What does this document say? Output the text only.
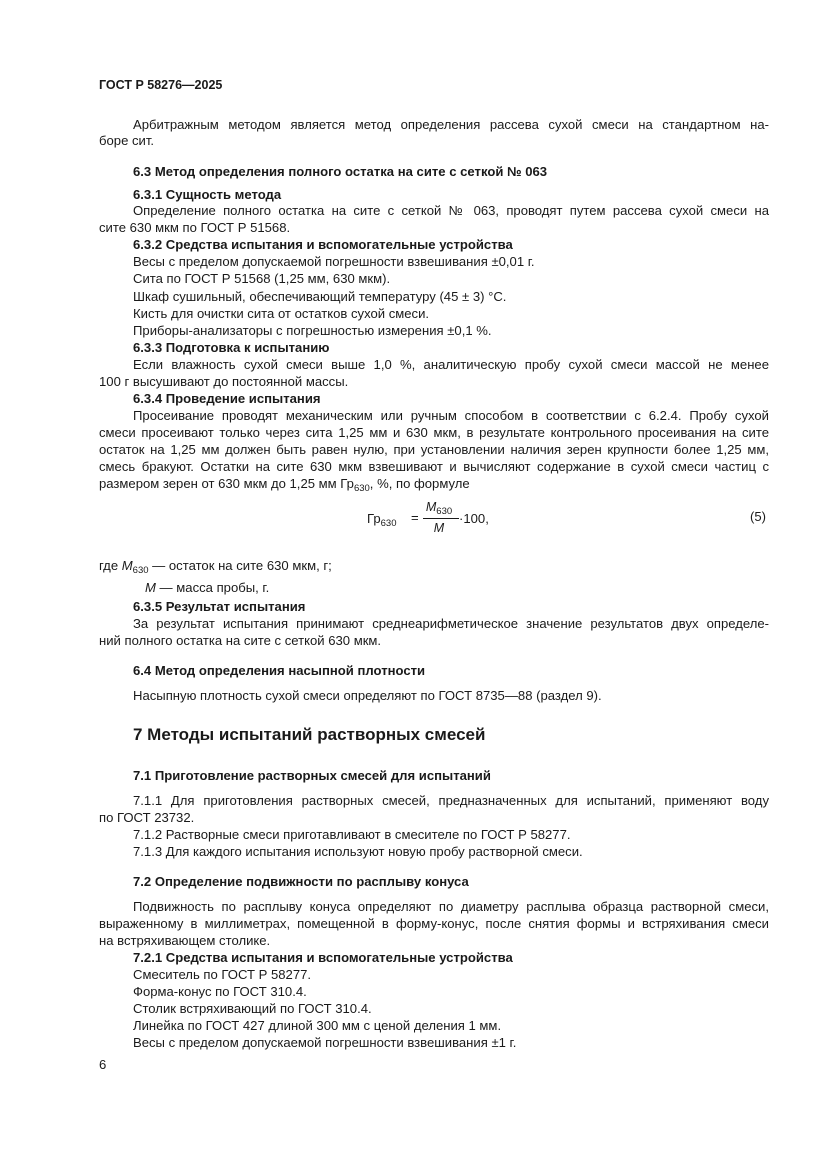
ГОСТ Р 58276—2025
Арбитражным методом является метод определения рассева сухой смеси на стандартном на-
боре сит.
6.3 Метод определения полного остатка на сите с сеткой № 063
6.3.1 Сущность метода
Определение полного остатка на сите с сеткой № 063, проводят путем рассева сухой смеси на
сите 630 мкм по ГОСТ Р 51568.
6.3.2 Средства испытания и вспомогательные устройства
Весы с пределом допускаемой погрешности взвешивания ±0,01 г.
Сита по ГОСТ Р 51568 (1,25 мм, 630 мкм).
Шкаф сушильный, обеспечивающий температуру (45 ± 3) °С.
Кисть для очистки сита от остатков сухой смеси.
Приборы-анализаторы с погрешностью измерения ±0,1 %.
6.3.3 Подготовка к испытанию
Если влажность сухой смеси выше 1,0 %, аналитическую пробу сухой смеси массой не менее
100 г высушивают до постоянной массы.
6.3.4 Проведение испытания
Просеивание проводят механическим или ручным способом в соответствии с 6.2.4. Пробу сухой
смеси просеивают только через сита 1,25 мм и 630 мкм, в результате контрольного просеивания на сите
остаток на 1,25 мм должен быть равен нулю, при установлении наличия зерен крупности более 1,25 мм,
смесь бракуют. Остатки на сите 630 мкм взвешивают и вычисляют содержание в сухой смеси частиц с
размером зерен от 630 мкм до 1,25 мм $Гр_{630}$, %, по формуле
$Гр_{630}$ =
$M_{630}$
M
·100,	(5)
где $M_{630}$ — остаток на сите 630 мкм, г;
M — масса пробы, г.
6.3.5 Результат испытания
За результат испытания принимают среднеарифметическое значение результатов двух определе-
ний полного остатка на сите с сеткой 630 мкм.
6.4 Метод определения насыпной плотности
Насыпную плотность сухой смеси определяют по ГОСТ 8735—88 (раздел 9).
7 Методы испытаний растворных смесей
7.1 Приготовление растворных смесей для испытаний
7.1.1 Для приготовления растворных смесей, предназначенных для испытаний, применяют воду
по ГОСТ 23732.
7.1.2 Растворные смеси приготавливают в смесителе по ГОСТ Р 58277.
7.1.3 Для каждого испытания используют новую пробу растворной смеси.
7.2 Определение подвижности по расплыву конуса
Подвижность по расплыву конуса определяют по диаметру расплыва образца растворной смеси,
выраженному в миллиметрах, помещенной в форму-конус, после снятия формы и встряхивания смеси
на встряхивающем столике.
7.2.1 Средства испытания и вспомогательные устройства
Смеситель по ГОСТ Р 58277.
Форма-конус по ГОСТ 310.4.
Столик встряхивающий по ГОСТ 310.4.
Линейка по ГОСТ 427 длиной 300 мм с ценой деления 1 мм.
Весы с пределом допускаемой погрешности взвешивания ±1 г.
6
